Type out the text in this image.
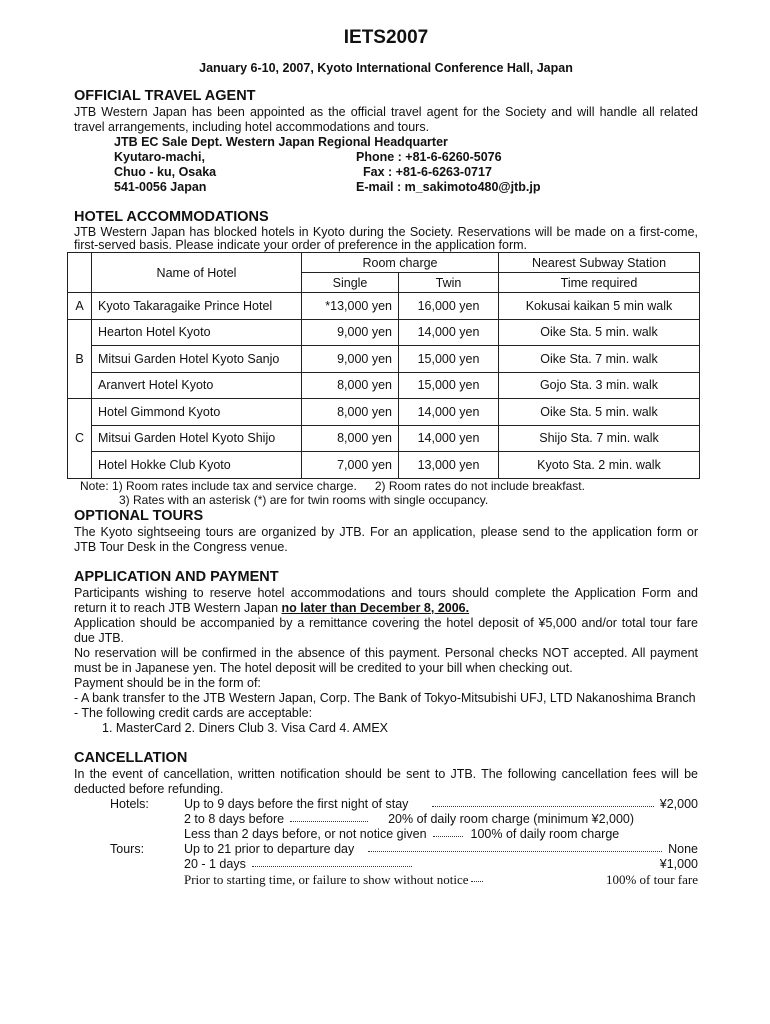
IETS2007
January 6-10, 2007, Kyoto International Conference Hall, Japan
OFFICIAL TRAVEL AGENT

JTB Western Japan has been appointed as the official travel agent for the Society and will handle all related travel arrangements, including hotel accommodations and tours.

JTB EC Sale Dept. Western Japan Regional Headquarter
Kyutaro-machi,	Phone : +81-6-6260-5076
Chuo - ku, Osaka	Fax : +81-6-6263-0717
541-0056 Japan	E-mail : m_sakimoto480@jtb.jp
HOTEL ACCOMMODATIONS

JTB Western Japan has blocked hotels in Kyoto during the Society. Reservations will be made on a first-come, first-served basis. Please indicate your order of preference in the application form.

	Name of Hotel	Room charge		Nearest Subway Station
		Single	Twin	Time required
A	Kyoto Takaragaike Prince Hotel	*13,000 yen	16,000 yen	Kokusai kaikan 5 min walk
B	Hearton Hotel Kyoto	9,000 yen	14,000 yen	Oike Sta. 5 min. walk
	Mitsui Garden Hotel Kyoto Sanjo	9,000 yen	15,000 yen	Oike Sta. 7 min. walk
	Aranvert Hotel Kyoto	8,000 yen	15,000 yen	Gojo Sta. 3 min. walk
C	Hotel Gimmond Kyoto	8,000 yen	14,000 yen	Oike Sta. 5 min. walk
	Mitsui Garden Hotel Kyoto Shijo	8,000 yen	14,000 yen	Shijo Sta. 7 min. walk
	Hotel Hokke Club Kyoto	7,000 yen	13,000 yen	Kyoto Sta. 2 min. walk
Note: 1) Room rates include tax and service charge. 2) Room rates do not include breakfast.
3) Rates with an asterisk (*) are for twin rooms with single occupancy.
OPTIONAL TOURS

The Kyoto sightseeing tours are organized by JTB. For an application, please send to the application form or JTB Tour Desk in the Congress venue.

APPLICATION AND PAYMENT

Participants wishing to reserve hotel accommodations and tours should complete the Application Form and return it to reach JTB Western Japan no later than December 8, 2006.

Application should be accompanied by a remittance covering the hotel deposit of ¥5,000 and/or total tour fare due JTB.

No reservation will be confirmed in the absence of this payment. Personal checks NOT accepted. All payment must be in Japanese yen. The hotel deposit will be credited to your bill when checking out.

Payment should be in the form of:

- A bank transfer to the JTB Western Japan, Corp. The Bank of Tokyo-Mitsubishi UFJ, LTD Nakanoshima Branch

- The following credit cards are acceptable:

1. MasterCard 2. Diners Club 3. Visa Card 4. AMEX

CANCELLATION

In the event of cancellation, written notification should be sent to JTB. The following cancellation fees will be deducted before refunding.

Hotels:	Up to 9 days before the first night of stay	¥2,000
2 to 8 days before	20% of daily room charge (minimum ¥2,000)
Less than 2 days before, or not notice given	100% of daily room charge
Tours:	Up to 21 prior to departure day	None
20 - 1 days	¥1,000
Prior to starting time, or failure to show without notice	100% of tour fare
